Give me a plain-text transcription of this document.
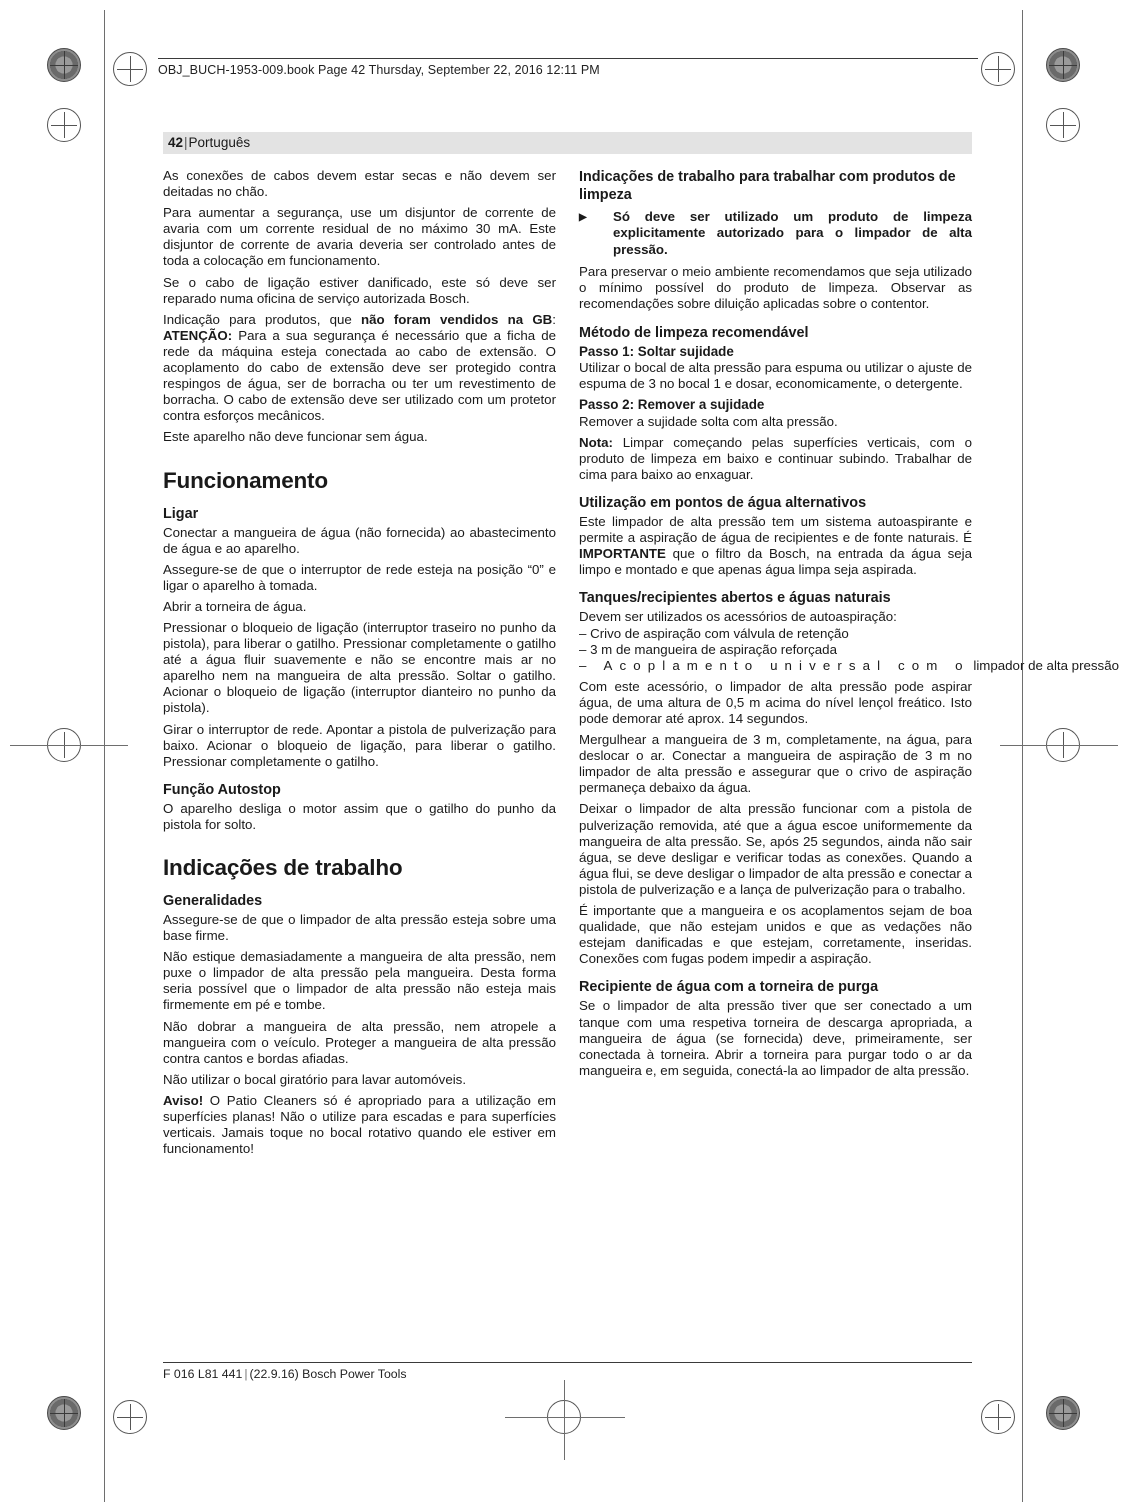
OBJ_BUCH-1953-009.book Page 42 Thursday, September 22, 2016 12:11 PM
42|Português

As conexões de cabos devem estar secas e não devem ser deitadas no chão.

Para aumentar a segurança, use um disjuntor de corrente de avaria com um corrente residual de no máximo 30 mA. Este disjuntor de corrente de avaria deveria ser controlado antes de toda a colocação em funcionamento.

Se o cabo de ligação estiver danificado, este só deve ser reparado numa oficina de serviço autorizada Bosch.

Indicação para produtos, que não foram vendidos na GB: ATENÇÃO: Para a sua segurança é necessário que a ficha de rede da máquina esteja conectada ao cabo de extensão. O acoplamento do cabo de extensão deve ser protegido contra respingos de água, ser de borracha ou ter um revestimento de borracha. O cabo de extensão deve ser utilizado com um protetor contra esforços mecânicos.

Este aparelho não deve funcionar sem água.

Funcionamento
Ligar

Conectar a mangueira de água (não fornecida) ao abastecimento de água e ao aparelho.

Assegure-se de que o interruptor de rede esteja na posição “0” e ligar o aparelho à tomada.

Abrir a torneira de água.

Pressionar o bloqueio de ligação (interruptor traseiro no punho da pistola), para liberar o gatilho. Pressionar completamente o gatilho até a água fluir suavemente e não se encontre mais ar no aparelho nem na mangueira de alta pressão. Soltar o gatilho. Acionar o bloqueio de ligação (interruptor dianteiro no punho da pistola).

Girar o interruptor de rede. Apontar a pistola de pulverização para baixo. Acionar o bloqueio de ligação, para liberar o gatilho. Pressionar completamente o gatilho.

Função Autostop

O aparelho desliga o motor assim que o gatilho do punho da pistola for solto.

Indicações de trabalho
Generalidades

Assegure-se de que o limpador de alta pressão esteja sobre uma base firme.

Não estique demasiadamente a mangueira de alta pressão, nem puxe o limpador de alta pressão pela mangueira. Desta forma seria possível que o limpador de alta pressão não esteja mais firmemente em pé e tombe.

Não dobrar a mangueira de alta pressão, nem atropele a mangueira com o veículo. Proteger a mangueira de alta pressão contra cantos e bordas afiadas.

Não utilizar o bocal giratório para lavar automóveis.

Aviso! O Patio Cleaners só é apropriado para a utilização em superfícies planas! Não o utilize para escadas e para superfícies verticais. Jamais toque no bocal rotativo quando ele estiver em funcionamento!

Indicações de trabalho para trabalhar com produtos de limpeza
▶	Só deve ser utilizado um produto de limpeza explicitamente autorizado para o limpador de alta pressão.

Para preservar o meio ambiente recomendamos que seja utilizado o mínimo possível do produto de limpeza. Observar as recomendações sobre diluição aplicadas sobre o contentor.

Método de limpeza recomendável
Passo 1: Soltar sujidade

Utilizar o bocal de alta pressão para espuma ou utilizar o ajuste de espuma de 3 no bocal 1 e dosar, economicamente, o detergente.

Passo 2: Remover a sujidade

Remover a sujidade solta com alta pressão.

Nota: Limpar começando pelas superfícies verticais, com o produto de limpeza em baixo e continuar subindo. Trabalhar de cima para baixo ao enxaguar.

Utilização em pontos de água alternativos

Este limpador de alta pressão tem um sistema autoaspirante e permite a aspiração de água de recipientes e de fonte naturais. É IMPORTANTE que o filtro da Bosch, na entrada da água seja limpo e montado e que apenas água limpa seja aspirada.

Tanques/recipientes abertos e águas naturais

Devem ser utilizados os acessórios de autoaspiração:

– Crivo de aspiração com válvula de retenção

– 3 m de mangueira de aspiração reforçada

– Acoplamento universal com o limpador de alta pressão

Com este acessório, o limpador de alta pressão pode aspirar água, de uma altura de 0,5 m acima do nível lençol freático. Isto pode demorar até aprox. 14 segundos.

Mergulhear a mangueira de 3 m, completamente, na água, para deslocar o ar. Conectar a mangueira de aspiração de 3 m no limpador de alta pressão e assegurar que o crivo de aspiração permaneça debaixo da água.

Deixar o limpador de alta pressão funcionar com a pistola de pulverização removida, até que a água escoe uniformemente da mangueira de alta pressão. Se, após 25 segundos, ainda não sair água, se deve desligar e verificar todas as conexões. Quando a água flui, se deve desligar o limpador de alta pressão e conectar a pistola de pulverização e a lança de pulverização para o trabalho.

É importante que a mangueira e os acoplamentos sejam de boa qualidade, que não estejam unidos e que as vedações não estejam danificadas e que estejam, corretamente, inseridas. Conexões com fugas podem impedir a aspiração.

Recipiente de água com a torneira de purga

Se o limpador de alta pressão tiver que ser conectado a um tanque com uma respetiva torneira de descarga apropriada, a mangueira de água (se fornecida) deve, primeiramente, ser conectada à torneira. Abrir a torneira para purgar todo o ar da mangueira e, em seguida, conectá-la ao limpador de alta pressão.

F 016 L81 441 | (22.9.16) Bosch Power Tools
